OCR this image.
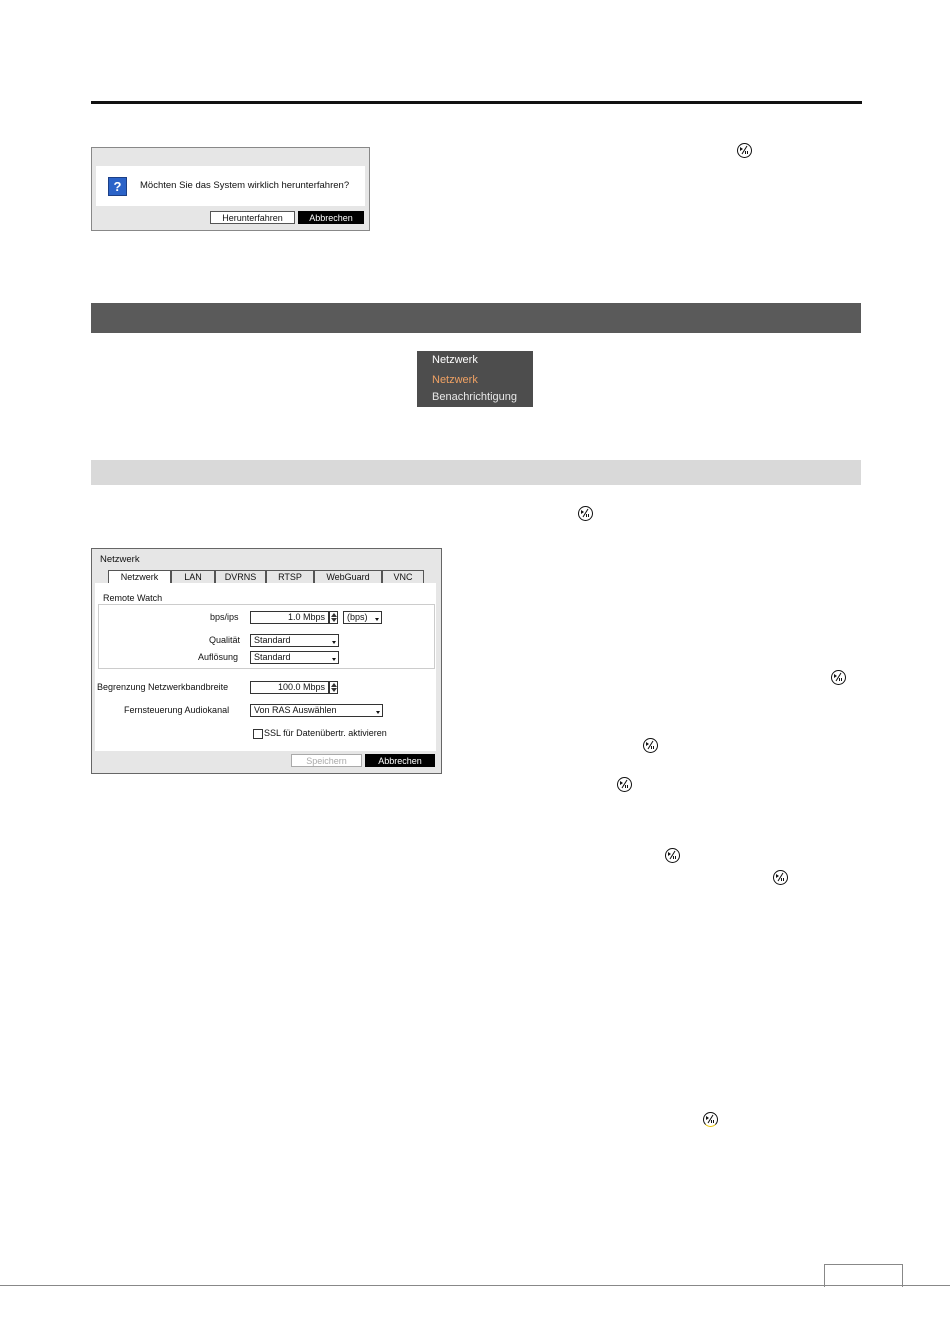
?	Möchten Sie das System wirklich herunterfahren?
Herunterfahren	Abbrechen
Netzwerk
Netzwerk
Benachrichtigung
Netzwerk
Netzwerk	LAN	DVRNS	RTSP	WebGuard	VNC
Remote Watch
bps/ips	1.0 Mbps	(bps)
Qualität	Standard
Auflösung	Standard
Begrenzung Netzwerkbandbreite	100.0 Mbps
Fernsteuerung Audiokanal	Von RAS Auswählen
SSL für Datenübertr. aktivieren
Speichern	Abbrechen
